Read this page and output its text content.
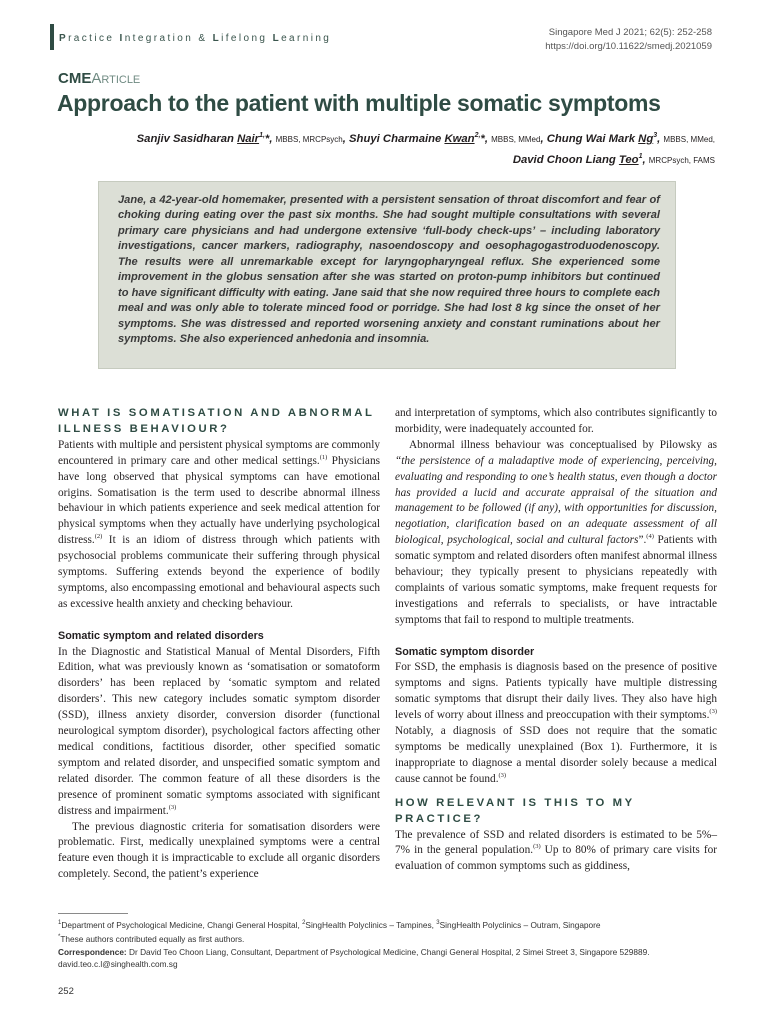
Practice Integration & Lifelong Learning
Singapore Med J 2021; 62(5): 252-258
https://doi.org/10.11622/smedj.2021059
CMEArticle
Approach to the patient with multiple somatic symptoms
Sanjiv Sasidharan Nair$^{1,}$*, MBBS, MRCPsych, Shuyi Charmaine Kwan$^{2,}$*, MBBS, MMed, Chung Wai Mark Ng$^3$, MBBS, MMed,
David Choon Liang Teo$^1$, MRCPsych, FAMS

Jane, a 42-year-old homemaker, presented with a persistent sensation of throat discomfort and fear of choking during eating over the past six months. She had sought multiple consultations with several primary care physicians and had undergone extensive ‘full-body check-ups’ – including laboratory investigations, cancer markers, radiography, nasoendoscopy and oesophagogastroduodenoscopy. The results were all unremarkable except for laryngopharyngeal reflux. She experienced some improvement in the globus sensation after she was started on proton-pump inhibitors but continued to have significant difficulty with eating. Jane said that she now required three hours to complete each meal and was only able to tolerate minced food or porridge. She had lost 8 kg since the onset of her symptoms. She was distressed and reported worsening anxiety and constant ruminations about her symptoms. She also experienced anhedonia and insomnia.

WHAT IS SOMATISATION AND ABNORMAL ILLNESS BEHAVIOUR?

Patients with multiple and persistent physical symptoms are commonly encountered in primary care and other medical settings.$^{(1)}$ Physicians have long observed that physical symptoms can have emotional origins. Somatisation is the term used to describe abnormal illness behaviour in which patients experience and seek medical attention for physical symptoms when they actually have underlying psychological distress.$^{(2)}$ It is an idiom of distress through which patients with psychosocial problems communicate their suffering through physical symptoms. Suffering extends beyond the experience of bodily symptoms, also encompassing emotional and behavioural aspects such as excessive health anxiety and checking behaviour.

Somatic symptom and related disorders

In the Diagnostic and Statistical Manual of Mental Disorders, Fifth Edition, what was previously known as ‘somatisation or somatoform disorders’ has been replaced by ‘somatic symptom and related disorders’. This new category includes somatic symptom disorder (SSD), illness anxiety disorder, conversion disorder (functional neurological symptom disorder), psychological factors affecting other medical conditions, factitious disorder, other specified somatic symptom and related disorder, and unspecified somatic symptom and related disorder. The common feature of all these disorders is the presence of prominent somatic symptoms associated with significant distress and impairment.$^{(3)}$

The previous diagnostic criteria for somatisation disorders were problematic. First, medically unexplained symptoms were a central feature even though it is impracticable to exclude all organic disorders completely. Second, the patient’s experience

and interpretation of symptoms, which also contributes significantly to morbidity, were inadequately accounted for.

Abnormal illness behaviour was conceptualised by Pilowsky as “the persistence of a maladaptive mode of experiencing, perceiving, evaluating and responding to one’s health status, even though a doctor has provided a lucid and accurate appraisal of the situation and management to be followed (if any), with opportunities for discussion, negotiation, clarification based on an adequate assessment of all biological, psychological, social and cultural factors”.$^{(4)}$ Patients with somatic symptom and related disorders often manifest abnormal illness behaviour; they typically present to physicians repeatedly with complaints of various somatic symptoms, make frequent requests for investigations and referrals to specialists, or have intractable symptoms that fail to respond to multiple treatments.

Somatic symptom disorder

For SSD, the emphasis is diagnosis based on the presence of positive symptoms and signs. Patients typically have multiple distressing somatic symptoms that disrupt their daily lives. They also have high levels of worry about illness and preoccupation with their symptoms.$^{(3)}$ Notably, a diagnosis of SSD does not require that the somatic symptoms be medically unexplained (Box 1). Furthermore, it is inappropriate to diagnose a mental disorder solely because a medical cause cannot be found.$^{(3)}$

HOW RELEVANT IS THIS TO MY PRACTICE?

The prevalence of SSD and related disorders is estimated to be 5%–7% in the general population.$^{(3)}$ Up to 80% of primary care visits for evaluation of common symptoms such as giddiness,

$^1$Department of Psychological Medicine, Changi General Hospital, $^2$SingHealth Polyclinics – Tampines, $^3$SingHealth Polyclinics – Outram, Singapore

*These authors contributed equally as first authors.

Correspondence: Dr David Teo Choon Liang, Consultant, Department of Psychological Medicine, Changi General Hospital, 2 Simei Street 3, Singapore 529889. david.teo.c.l@singhealth.com.sg

252
